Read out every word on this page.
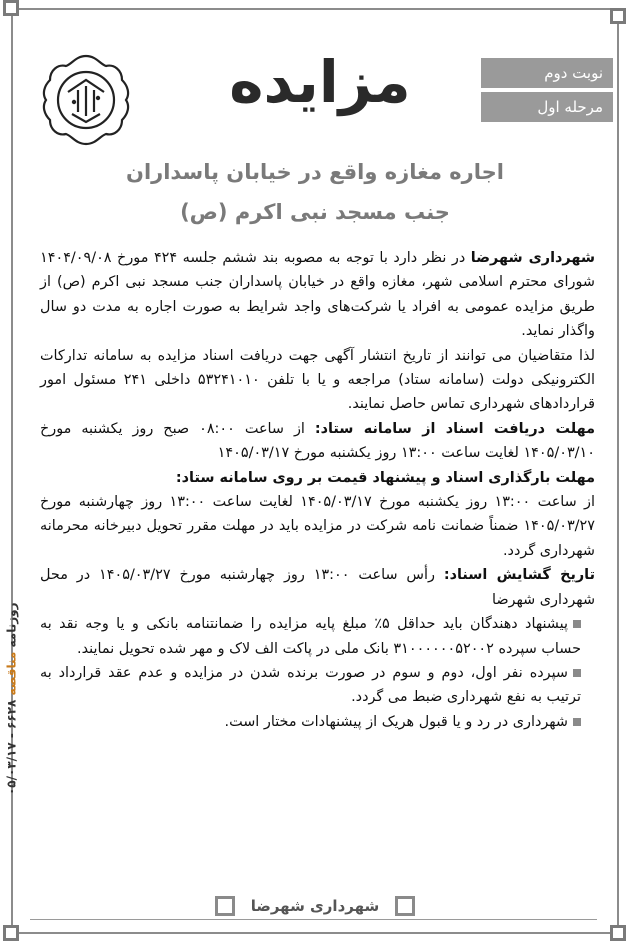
مزایده	نوبت دوم
مرحله اول
اجاره مغازه واقع در خیابان پاسداران
جنب مسجد نبی اکرم (ص)

شهرداری شهرضا در نظر دارد با توجه به مصوبه بند ششم جلسه ۴۲۴ مورخ ۱۴۰۴/۰۹/۰۸ شورای محترم اسلامی شهر، مغازه واقع در خیابان پاسداران جنب مسجد نبی اکرم (ص) از طریق مزایده عمومی به افراد یا شرکت‌های واجد شرایط به صورت اجاره به مدت دو سال واگذار نماید.

لذا متقاضیان می توانند از تاریخ انتشار آگهی جهت دریافت اسناد مزایده به سامانه تدارکات الکترونیکی دولت (سامانه ستاد) مراجعه و یا با تلفن ۵۳۲۴۱۰۱۰ داخلی ۲۴۱ مسئول امور قراردادهای شهرداری تماس حاصل نمایند.

مهلت دریافت اسناد از سامانه ستاد: از ساعت ۰۸:۰۰ صبح روز یکشنبه مورخ ۱۴۰۵/۰۳/۱۰ لغایت ساعت ۱۳:۰۰ روز یکشنبه مورخ ۱۴۰۵/۰۳/۱۷

مهلت بارگذاری اسناد و پیشنهاد قیمت بر روی سامانه ستاد:

از ساعت ۱۳:۰۰ روز یکشنبه مورخ ۱۴۰۵/۰۳/۱۷ لغایت ساعت ۱۳:۰۰ روز چهارشنبه مورخ ۱۴۰۵/۰۳/۲۷ ضمناً ضمانت نامه شرکت در مزایده باید در مهلت مقرر تحویل دبیرخانه محرمانه شهرداری گردد.

تاریخ گشایش اسناد: رأس ساعت ۱۳:۰۰ روز چهارشنبه مورخ ۱۴۰۵/۰۳/۲۷ در محل شهرداری شهرضا

پیشنهاد دهندگان باید حداقل ۵٪ مبلغ پایه مزایده را ضمانتنامه بانکی و یا وجه نقد به حساب سپرده ۳۱۰۰۰۰۰۰۵۲۰۰۲ بانک ملی در پاکت الف لاک و مهر شده تحویل نمایند.

سپرده نفر اول، دوم و سوم در صورت برنده شدن در مزایده و عدم عقد قرارداد به ترتیب به نفع شهرداری ضبط می گردد.

شهرداری در رد و یا قبول هریک از پیشنهادات مختار است.

روزنامه مناقصه ۶۶۲۸ - ۰۵/۰۳/۱۷
شهرداری شهرضا
